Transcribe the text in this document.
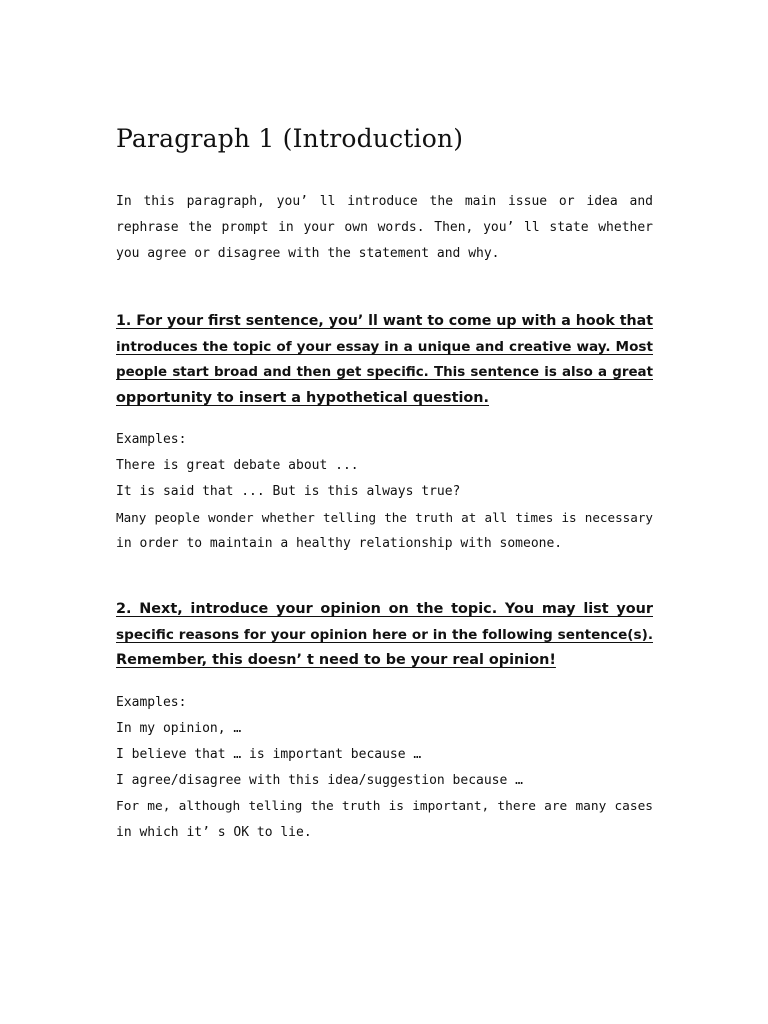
Paragraph 1 (Introduction)
In this paragraph, you’ ll introduce the main issue or idea and
rephrase the prompt in your own words. Then, you’ ll state whether
you agree or disagree with the statement and why.
1. For your first sentence, you’ ll want to come up with a hook that
introduces the topic of your essay in a unique and creative way. Most
people start broad and then get specific. This sentence is also a great
opportunity to insert a hypothetical question.
Examples:
There is great debate about ...
It is said that ... But is this always true?
Many people wonder whether telling the truth at all times is necessary
in order to maintain a healthy relationship with someone.
2. Next, introduce your opinion on the topic. You may list your
specific reasons for your opinion here or in the following sentence(s).
Remember, this doesn’ t need to be your real opinion!
Examples:
In my opinion, …
I believe that … is important because …
I agree/disagree with this idea/suggestion because …
For me, although telling the truth is important, there are many cases
in which it’ s OK to lie.
